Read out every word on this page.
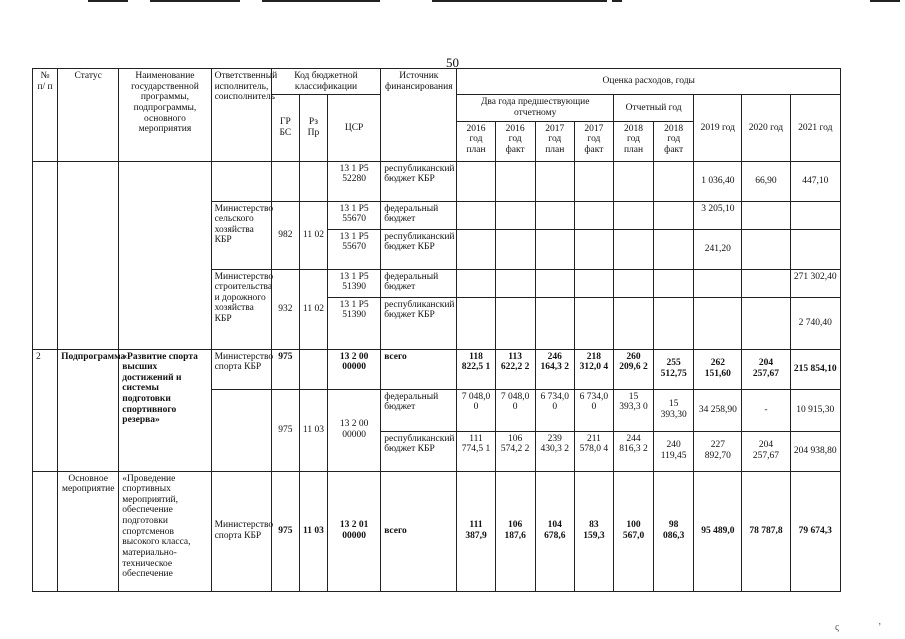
50
№ п/ п	Статус	Наименование государственной программы, подпрограммы, основного мероприятия	Ответственный исполнитель, соисполнитель	Код бюджетной классификации			Источник финансирования	Оценка расходов, годы								
				ГР БС	Рз Пр	ЦСР		Два года предшествующие отчетному				Отчетный год		2019 год	2020 год	2021 год
								2016 год план	2016 год факт	2017 год план	2017 год факт	2018 год план	2018 год факт			
						13 1 Р5 52280	республиканский бюджет КБР							1 036,40	66,90	447,10
			Министерство сельского хозяйства КБР	982	11 02	13 1 Р5 55670	федеральный бюджет							3 205,10		
						13 1 Р5 55670	республиканский бюджет КБР							241,20		
			Министерство строительства и дорожного хозяйства КБР	932	11 02	13 1 Р5 51390	федеральный бюджет									271 302,40
						13 1 Р5 51390	республиканский бюджет КБР									2 740,40
2	Подпрограмма	«Развитие спорта высших достижений и системы подготовки спортивного резерва»	Министерство спорта КБР	975		13 2 00 00000	всего	118 822,5 1	113 622,2 2	246 164,3 2	218 312,0 4	260 209,6 2	255 512,75	262 151,60	204 257,67	215 854,10
				975	11 03	13 2 00 00000	федеральный бюджет	7 048,0 0	7 048,0 0	6 734,0 0	6 734,0 0	15 393,3 0	15 393,30	34 258,90	-	10 915,30
							республиканский бюджет КБР	111 774,5 1	106 574,2 2	239 430,3 2	211 578,0 4	244 816,3 2	240 119,45	227 892,70	204 257,67	204 938,80
	Основное мероприятие	«Проведение спортивных мероприятий, обеспечение подготовки спортсменов высокого класса, материально-техническое обеспечение	Министерство спорта КБР	975	11 03	13 2 01 00000	всего	111 387,9	106 187,6	104 678,6	83 159,3	100 567,0	98 086,3	95 489,0	78 787,8	79 674,3
ς	ʼ
